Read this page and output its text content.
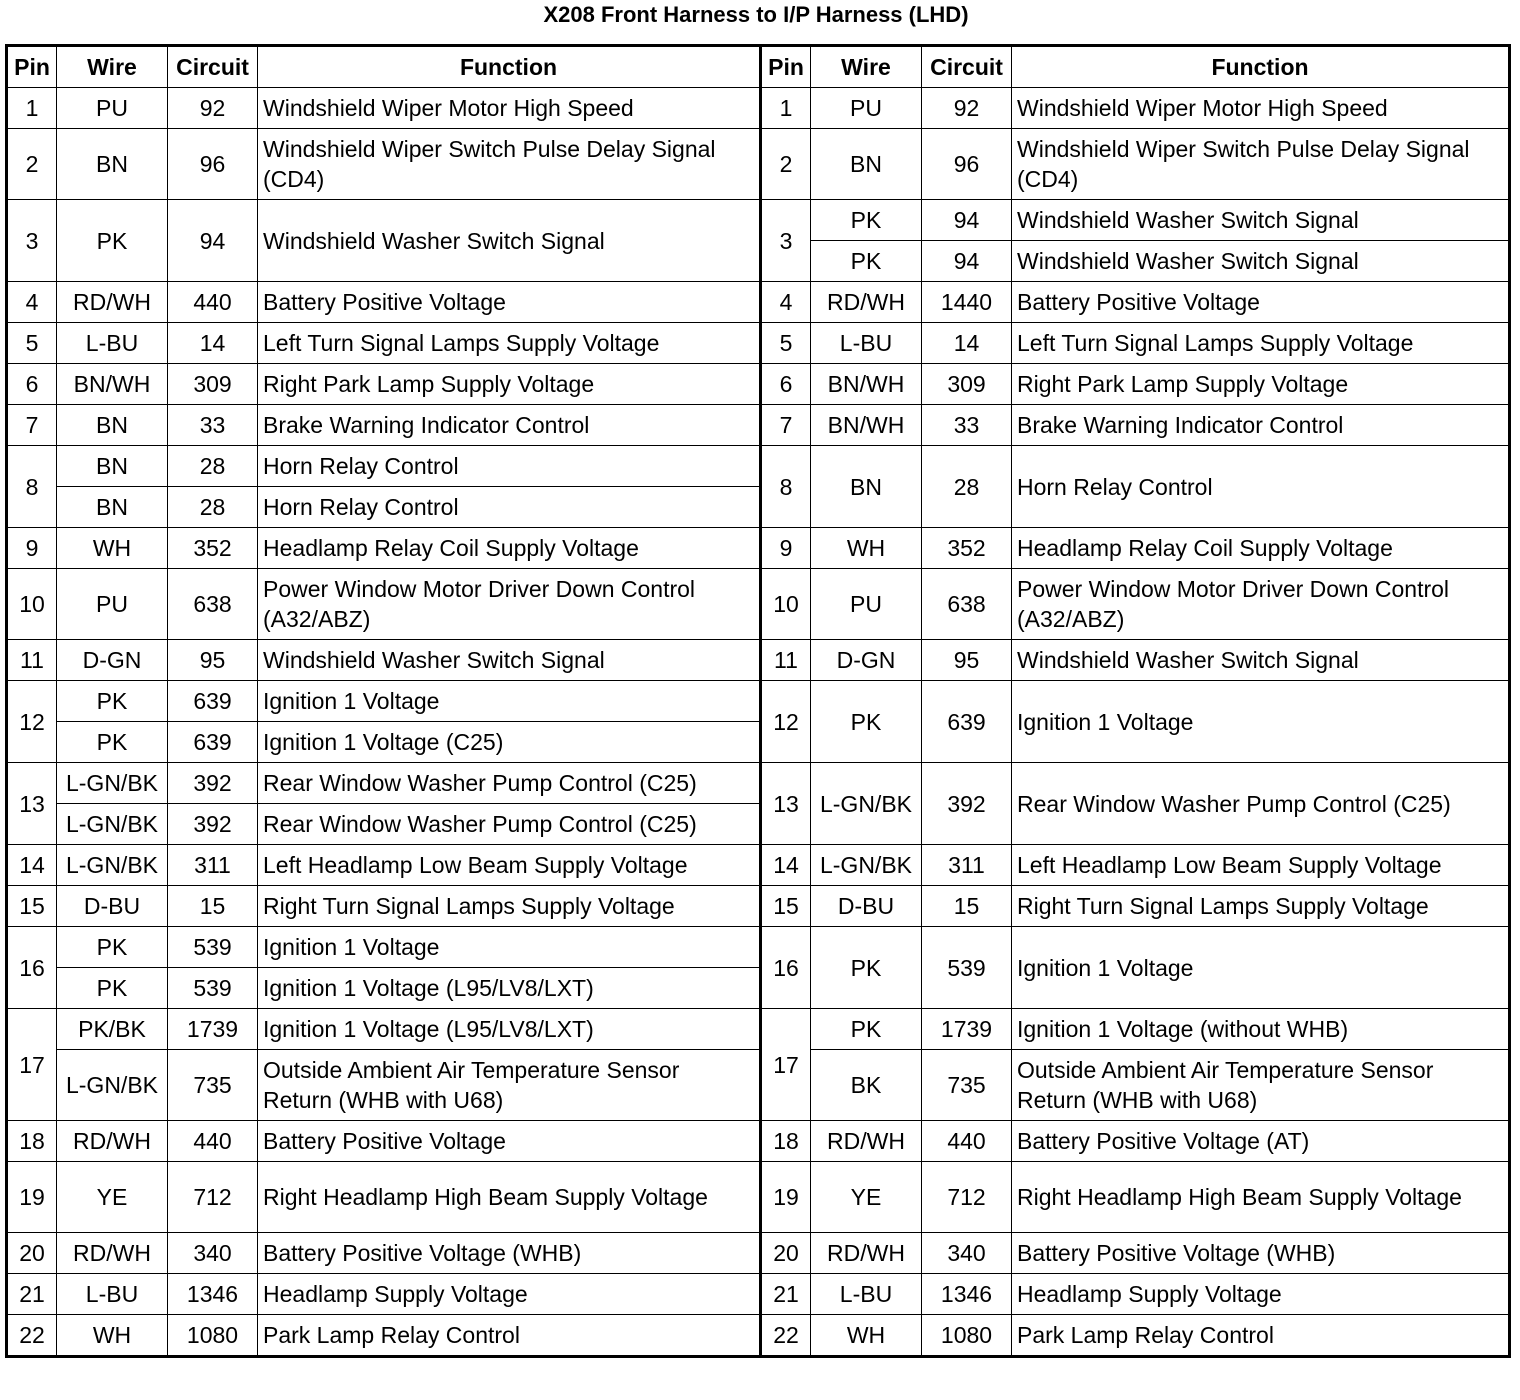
X208 Front Harness to I/P Harness (LHD)
Pin	Wire	Circuit	Function	Pin	Wire	Circuit	Function
1	PU	92	Windshield Wiper Motor High Speed	1	PU	92	Windshield Wiper Motor High Speed
2	BN	96	Windshield Wiper Switch Pulse Delay Signal (CD4)	2	BN	96	Windshield Wiper Switch Pulse Delay Signal (CD4)
3	PK	94	Windshield Washer Switch Signal	3	PK	94	Windshield Washer Switch Signal
					PK	94	Windshield Washer Switch Signal
4	RD/WH	440	Battery Positive Voltage	4	RD/WH	1440	Battery Positive Voltage
5	L-BU	14	Left Turn Signal Lamps Supply Voltage	5	L-BU	14	Left Turn Signal Lamps Supply Voltage
6	BN/WH	309	Right Park Lamp Supply Voltage	6	BN/WH	309	Right Park Lamp Supply Voltage
7	BN	33	Brake Warning Indicator Control	7	BN/WH	33	Brake Warning Indicator Control
8	BN	28	Horn Relay Control	8	BN	28	Horn Relay Control
	BN	28	Horn Relay Control				
9	WH	352	Headlamp Relay Coil Supply Voltage	9	WH	352	Headlamp Relay Coil Supply Voltage
10	PU	638	Power Window Motor Driver Down Control (A32/ABZ)	10	PU	638	Power Window Motor Driver Down Control (A32/ABZ)
11	D-GN	95	Windshield Washer Switch Signal	11	D-GN	95	Windshield Washer Switch Signal
12	PK	639	Ignition 1 Voltage	12	PK	639	Ignition 1 Voltage
	PK	639	Ignition 1 Voltage (C25)				
13	L-GN/BK	392	Rear Window Washer Pump Control (C25)	13	L-GN/BK	392	Rear Window Washer Pump Control (C25)
	L-GN/BK	392	Rear Window Washer Pump Control (C25)				
14	L-GN/BK	311	Left Headlamp Low Beam Supply Voltage	14	L-GN/BK	311	Left Headlamp Low Beam Supply Voltage
15	D-BU	15	Right Turn Signal Lamps Supply Voltage	15	D-BU	15	Right Turn Signal Lamps Supply Voltage
16	PK	539	Ignition 1 Voltage	16	PK	539	Ignition 1 Voltage
	PK	539	Ignition 1 Voltage (L95/LV8/LXT)				
17	PK/BK	1739	Ignition 1 Voltage (L95/LV8/LXT)	17	PK	1739	Ignition 1 Voltage (without WHB)
	L-GN/BK	735	Outside Ambient Air Temperature Sensor Return (WHB with U68)		BK	735	Outside Ambient Air Temperature Sensor Return (WHB with U68)
18	RD/WH	440	Battery Positive Voltage	18	RD/WH	440	Battery Positive Voltage (AT)
19	YE	712	Right Headlamp High Beam Supply Voltage	19	YE	712	Right Headlamp High Beam Supply Voltage
20	RD/WH	340	Battery Positive Voltage (WHB)	20	RD/WH	340	Battery Positive Voltage (WHB)
21	L-BU	1346	Headlamp Supply Voltage	21	L-BU	1346	Headlamp Supply Voltage
22	WH	1080	Park Lamp Relay Control	22	WH	1080	Park Lamp Relay Control
